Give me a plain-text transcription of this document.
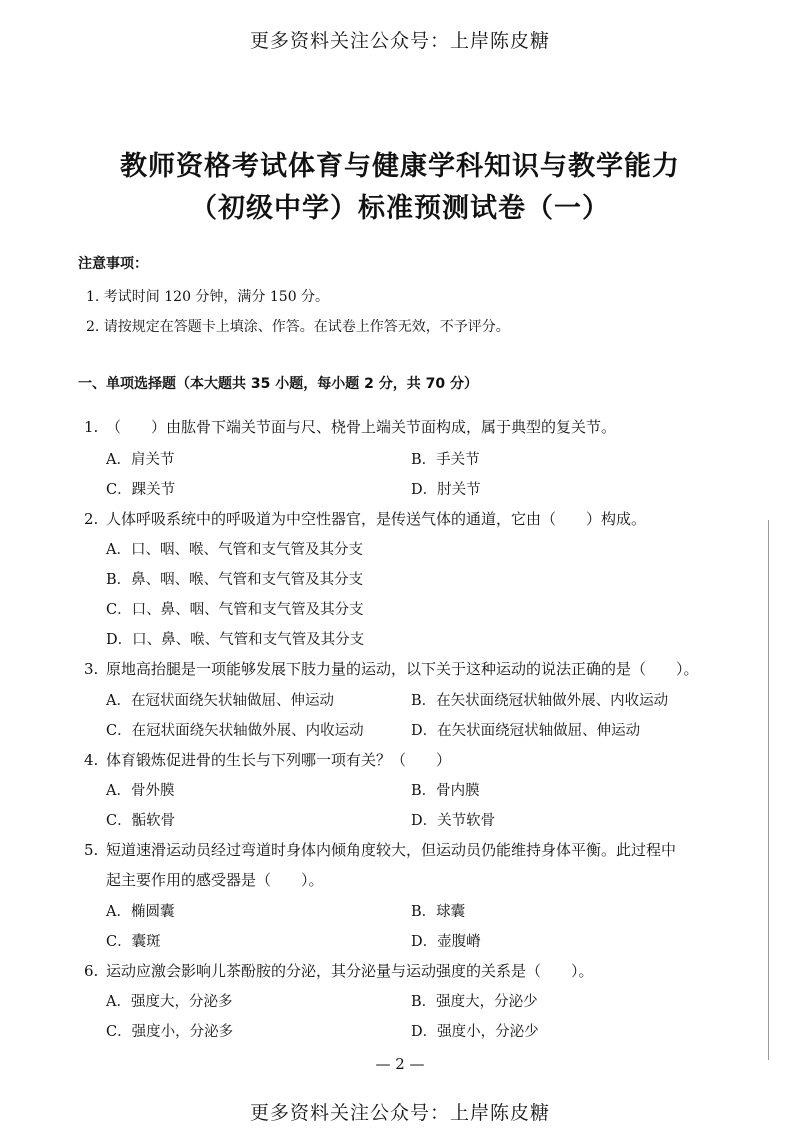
更多资料关注公众号：上岸陈皮糖
教师资格考试体育与健康学科知识与教学能力
（初级中学）标准预测试卷（一）
注意事项：
1. 考试时间 120 分钟，满分 150 分。
2. 请按规定在答题卡上填涂、作答。在试卷上作答无效，不予评分。
一、单项选择题（本大题共 35 小题，每小题 2 分，共 70 分）
1. （　　）由肱骨下端关节面与尺、桡骨上端关节面构成，属于典型的复关节。
A．肩关节	B．手关节
C．踝关节	D．肘关节
2. 人体呼吸系统中的呼吸道为中空性器官，是传送气体的通道，它由（　　）构成。
A．口、咽、喉、气管和支气管及其分支
B．鼻、咽、喉、气管和支气管及其分支
C．口、鼻、咽、气管和支气管及其分支
D．口、鼻、喉、气管和支气管及其分支
3. 原地高抬腿是一项能够发展下肢力量的运动，以下关于这种运动的说法正确的是（　　）。
A．在冠状面绕矢状轴做屈、伸运动	B．在矢状面绕冠状轴做外展、内收运动
C．在冠状面绕矢状轴做外展、内收运动	D．在矢状面绕冠状轴做屈、伸运动
4. 体育锻炼促进骨的生长与下列哪一项有关？（　　）
A．骨外膜	B．骨内膜
C．骺软骨	D．关节软骨
5. 短道速滑运动员经过弯道时身体内倾角度较大，但运动员仍能维持身体平衡。此过程中
起主要作用的感受器是（　　）。
A．椭圆囊	B．球囊
C．囊斑	D．壶腹嵴
6. 运动应激会影响儿茶酚胺的分泌，其分泌量与运动强度的关系是（　　）。
A．强度大，分泌多	B．强度大，分泌少
C．强度小，分泌多	D．强度小，分泌少
— 2 —
更多资料关注公众号：上岸陈皮糖
